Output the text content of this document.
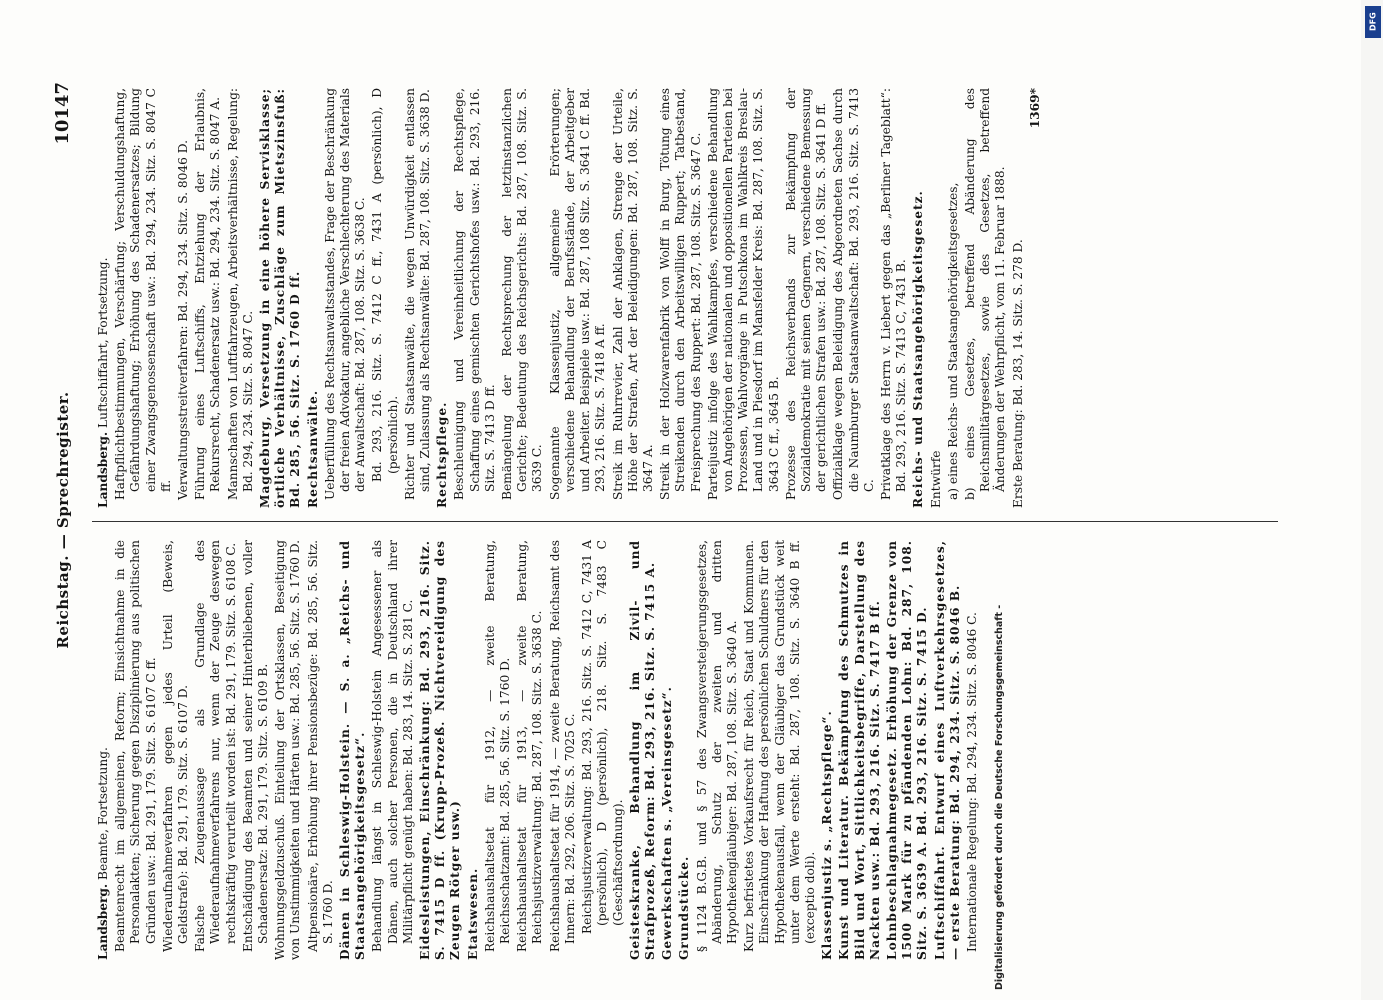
Reichstag. — Sprechregister.
10147

Landsberg. Beamte, Fortsetzung. Beamtenrecht im allgemeinen, Reform; Einsichtnahme in die Personalakten; Sicherung gegen Disziplinierung aus politischen Gründen usw.: Bd. 291, 179. Sitz. S. 6107 C ff. Wiederaufnahmeverfahren gegen jedes Urteil (Beweis, Geldstrafe): Bd. 291, 179. Sitz. S. 6107 D. Falsche Zeugenaussage als Grundlage des Wiederaufnahmeverfahrens nur, wenn der Zeuge deswegen rechtskräftig verurteilt worden ist: Bd. 291, 179. Sitz. S. 6108 C. Entschädigung des Beamten und seiner Hinterbliebenen, voller Schadenersatz: Bd. 291, 179. Sitz. S. 6109 B. Wohnungsgeldzuschuß. Einteilung der Ortsklassen, Beseitigung von Unstimmigkeiten und Härten usw.: Bd. 285, 56. Sitz. S. 1760 D. Altpensionäre, Erhöhung ihrer Pensionsbezüge: Bd. 285, 56. Sitz. S. 1760 D. Dänen in Schleswig-Holstein. — S. a. „Reichs- und Staatsangehörigkeitsgesetz“. Behandlung längst in Schleswig-Holstein Angesessener als Dänen, auch solcher Personen, die in Deutschland ihrer Militärpflicht genügt haben: Bd. 283, 14. Sitz. S. 281 C. Eidesleistungen, Einschränkung: Bd. 293, 216. Sitz. S. 7415 D ff. (Krupp-Prozeß. Nichtvereidigung des Zeugen Rötger usw.) Etatswesen. Reichshaushaltsetat für 1912, — zweite Beratung, Reichsschatzamt: Bd. 285, 56. Sitz. S. 1760 D. Reichshaushaltsetat für 1913, — zweite Beratung, Reichsjustizverwaltung: Bd. 287, 108. Sitz. S. 3638 C. Reichshaushaltsetat für 1914, — zweite Beratung, Reichsamt des Innern: Bd. 292, 206. Sitz. S. 7025 C. Reichsjustizverwaltung: Bd. 293, 216. Sitz. S. 7412 C, 7431 A (persönlich), D (persönlich), 218. Sitz. S. 7483 C (Geschäftsordnung). Geisteskranke, Behandlung im Zivil- und Strafprozeß, Reform: Bd. 293, 216. Sitz. S. 7415 A. Gewerkschaften s. „Vereinsgesetz“. Grundstücke. § 1124 B.G.B. und § 57 des Zwangsversteigerungsgesetzes, Abänderung, Schutz der zweiten und dritten Hypothekengläubiger: Bd. 287, 108. Sitz. S. 3640 A. Kurz befristetes Vorkaufsrecht für Reich, Staat und Kommunen. Einschränkung der Haftung des persönlichen Schuldners für den Hypothekenausfall, wenn der Gläubiger das Grundstück weit unter dem Werte ersteht: Bd. 287, 108. Sitz. S. 3640 B ff. (exceptio doli). Klassenjustiz s. „Rechtspflege“. Kunst und Literatur. Bekämpfung des Schmutzes in Bild und Wort, Sittlichkeitsbegriffe, Darstellung des Nackten usw.: Bd. 293, 216. Sitz. S. 7417 B ff. Lohnbeschlagnahmegesetz. Erhöhung der Grenze von 1500 Mark für zu pfändenden Lohn: Bd. 287, 108. Sitz. S. 3639 A. Bd. 293, 216. Sitz. S. 7415 D. Luftschiffahrt. Entwurf eines Luftverkehrsgesetzes, — erste Beratung: Bd. 294, 234. Sitz. S. 8046 B. Internationale Regelung: Bd. 294, 234. Sitz. S. 8046 C.

Landsberg. Luftschiffahrt, Fortsetzung. Haftpflichtbestimmungen, Verschärfung; Verschuldungshaftung, Gefährdungshaftung; Erhöhung des Schadenersatzes; Bildung einer Zwangsgenossenschaft usw.: Bd. 294, 234. Sitz. S. 8047 C ff. Verwaltungsstreitverfahren: Bd. 294, 234. Sitz. S. 8046 D. Führung eines Luftschiffs, Entziehung der Erlaubnis, Rekursrecht, Schadenersatz usw.: Bd. 294, 234. Sitz. S. 8047 A. Mannschaften von Luftfahrzeugen, Arbeitsverhältnisse, Regelung: Bd. 294, 234. Sitz. S. 8047 C. Magdeburg, Versetzung in eine höhere Servisklasse; örtliche Verhältnisse, Zuschläge zum Mietszinsfuß: Bd. 285, 56. Sitz. S. 1760 D ff. Rechtsanwälte. Ueberfüllung des Rechtsanwaltsstandes, Frage der Beschränkung der freien Advokatur, angebliche Verschlechterung des Materials der Anwaltschaft: Bd. 287, 108. Sitz. S. 3638 C. Bd. 293, 216. Sitz. S. 7412 C ff., 7431 A (persönlich), D (persönlich). Richter und Staatsanwälte, die wegen Unwürdigkeit entlassen sind, Zulassung als Rechtsanwälte: Bd. 287, 108. Sitz. S. 3638 D. Rechtspflege. Beschleunigung und Vereinheitlichung der Rechtspflege, Schaffung eines gemischten Gerichtshofes usw.: Bd. 293, 216. Sitz. S. 7413 D ff. Bemängelung der Rechtsprechung der letztinstanzlichen Gerichte; Bedeutung des Reichsgerichts: Bd. 287, 108. Sitz. S. 3639 C. Sogenannte Klassenjustiz, allgemeine Erörterungen; verschiedene Behandlung der Berufsstände, der Arbeitgeber und Arbeiter. Beispiele usw.: Bd. 287, 108 Sitz. S. 3641 C ff. Bd. 293, 216. Sitz. S. 7418 A ff. Streik im Ruhrrevier, Zahl der Anklagen, Strenge der Urteile, Höhe der Strafen, Art der Beleidigungen: Bd. 287, 108. Sitz. S. 3647 A. Streik in der Holzwarenfabrik von Wolff in Burg, Tötung eines Streikenden durch den Arbeitswilligen Ruppert; Tatbestand, Freisprechung des Ruppert: Bd. 287, 108. Sitz. S. 3647 C. Parteijustiz infolge des Wahlkampfes, verschiedene Behandlung von Angehörigen der nationalen und oppositionellen Parteien bei Prozessen, Wahlvorgänge in Putschkona im Wahlkreis Breslau-Land und in Piesdorf im Mansfelder Kreis: Bd. 287, 108. Sitz. S. 3643 C ff., 3645 B. Prozesse des Reichsverbands zur Bekämpfung der Sozialdemokratie mit seinen Gegnern, verschiedene Bemessung der gerichtlichen Strafen usw.: Bd. 287, 108. Sitz. S. 3641 D ff. Offizialklage wegen Beleidigung des Abgeordneten Sachse durch die Naumburger Staatsanwaltschaft: Bd. 293, 216. Sitz. S. 7413 C. Privatklage des Herrn v. Liebert gegen das „Berliner Tageblatt“: Bd. 293, 216. Sitz. S. 7413 C, 7431 B. Reichs- und Staatsangehörigkeitsgesetz. Entwürfe a) eines Reichs- und Staatsangehörigkeitsgesetzes, b) eines Gesetzes, betreffend Abänderung des Reichsmilitärgesetzes, sowie des Gesetzes, betreffend Änderungen der Wehrpflicht, vom 11. Februar 1888. Erste Beratung: Bd. 283, 14. Sitz. S. 278 D.

1369*

Digitalisierung gefördert durch die Deutsche Forschungsgemeinschaft -
DFG
